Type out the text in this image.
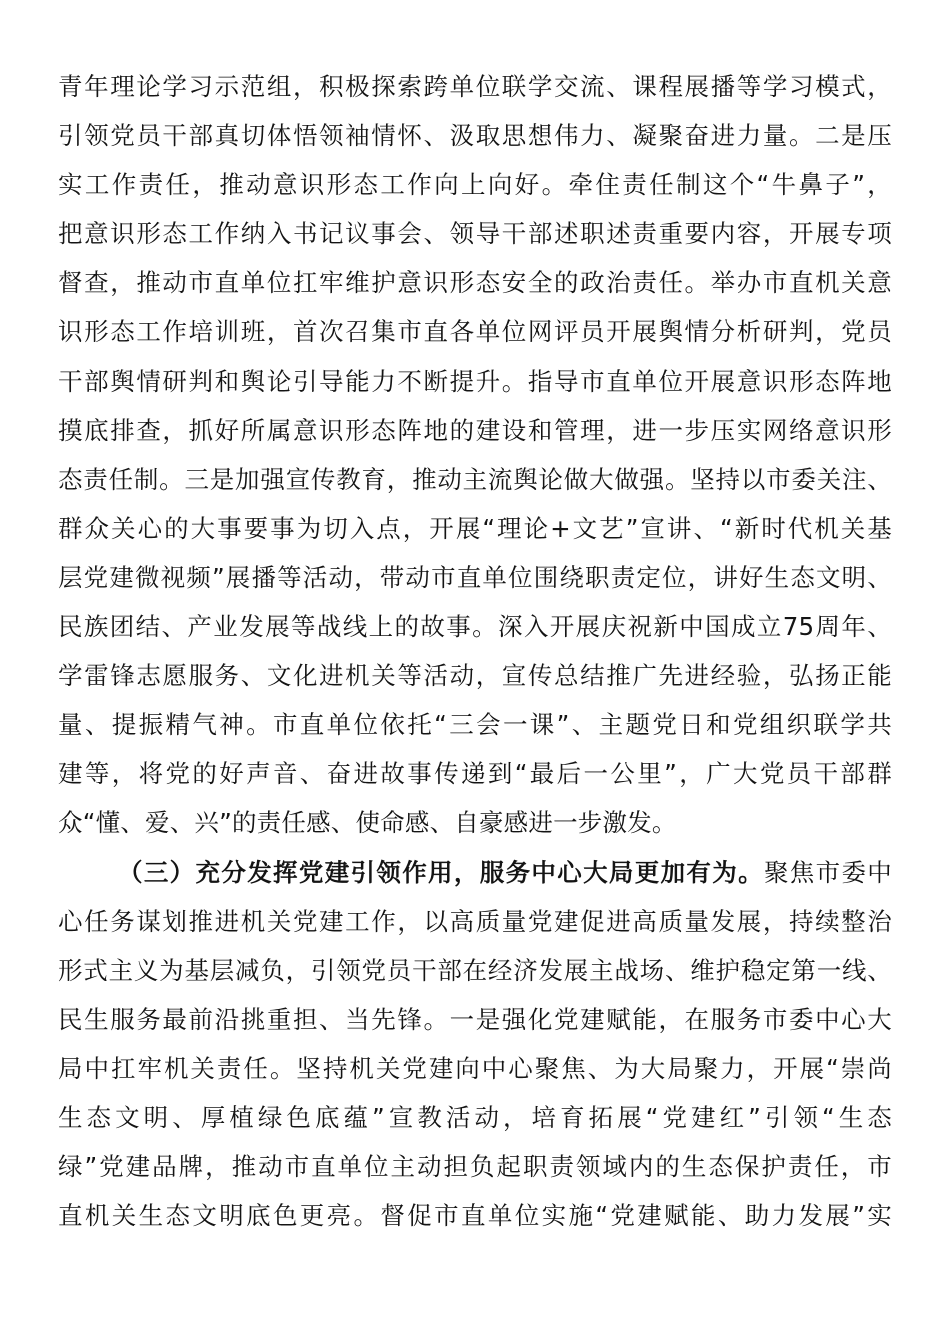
青年理论学习示范组，积极探索跨单位联学交流、课程展播等学习模式，
引领党员干部真切体悟领袖情怀、汲取思想伟力、凝聚奋进力量。二是压
实工作责任，推动意识形态工作向上向好。牵住责任制这个“牛鼻子”，
把意识形态工作纳入书记议事会、领导干部述职述责重要内容，开展专项
督查，推动市直单位扛牢维护意识形态安全的政治责任。举办市直机关意
识形态工作培训班，首次召集市直各单位网评员开展舆情分析研判，党员
干部舆情研判和舆论引导能力不断提升。指导市直单位开展意识形态阵地
摸底排查，抓好所属意识形态阵地的建设和管理，进一步压实网络意识形
态责任制。三是加强宣传教育，推动主流舆论做大做强。坚持以市委关注、
群众关心的大事要事为切入点，开展“理论+文艺”宣讲、“新时代机关基
层党建微视频”展播等活动，带动市直单位围绕职责定位，讲好生态文明、
民族团结、产业发展等战线上的故事。深入开展庆祝新中国成立75周年、
学雷锋志愿服务、文化进机关等活动，宣传总结推广先进经验，弘扬正能
量、提振精气神。市直单位依托“三会一课”、主题党日和党组织联学共
建等，将党的好声音、奋进故事传递到“最后一公里”，广大党员干部群
众“懂、爱、兴”的责任感、使命感、自豪感进一步激发。
（三）充分发挥党建引领作用，服务中心大局更加有为。聚焦市委中
心任务谋划推进机关党建工作，以高质量党建促进高质量发展，持续整治
形式主义为基层减负，引领党员干部在经济发展主战场、维护稳定第一线、
民生服务最前沿挑重担、当先锋。一是强化党建赋能，在服务市委中心大
局中扛牢机关责任。坚持机关党建向中心聚焦、为大局聚力，开展“崇尚
生态文明、厚植绿色底蕴”宣教活动，培育拓展“党建红”引领“生态
绿”党建品牌，推动市直单位主动担负起职责领域内的生态保护责任，市
直机关生态文明底色更亮。督促市直单位实施“党建赋能、助力发展”实
